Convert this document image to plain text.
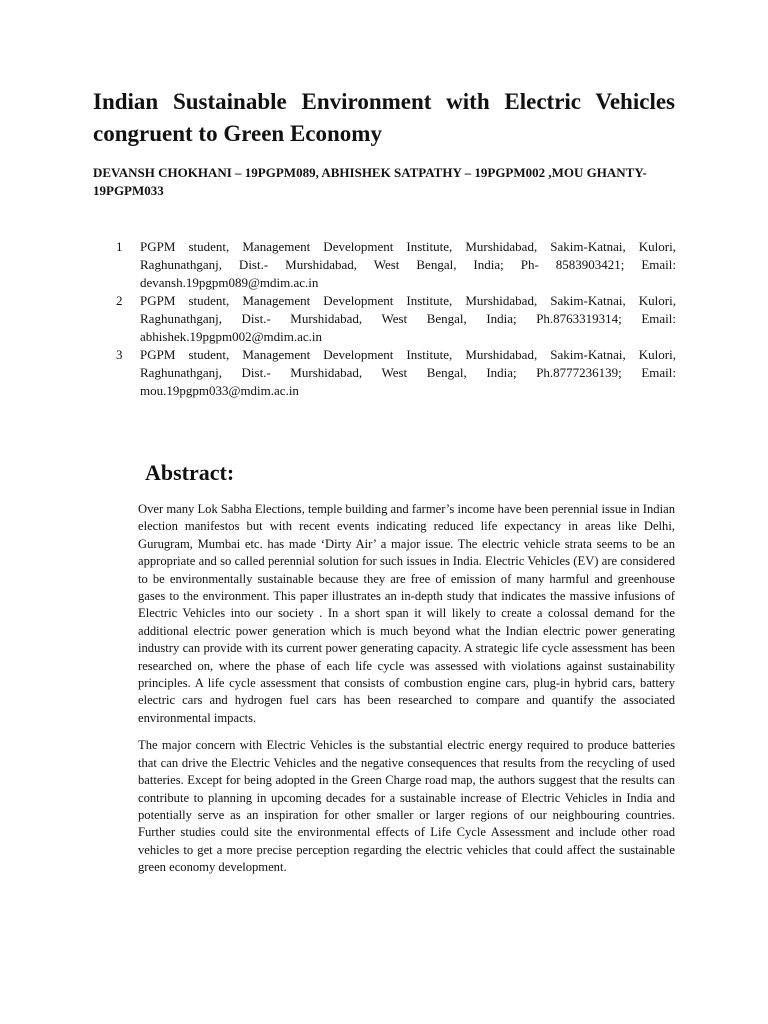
Indian Sustainable Environment with Electric Vehicles congruent to Green Economy

DEVANSH CHOKHANI – 19PGPM089, ABHISHEK SATPATHY – 19PGPM002 ,MOU GHANTY-19PGPM033

1	PGPM student, Management Development Institute, Murshidabad, Sakim-Katnai, Kulori, Raghunathganj, Dist.- Murshidabad, West Bengal, India; Ph- 8583903421; Email: devansh.19pgpm089@mdim.ac.in
2	PGPM student, Management Development Institute, Murshidabad, Sakim-Katnai, Kulori, Raghunathganj, Dist.- Murshidabad, West Bengal, India; Ph.8763319314; Email: abhishek.19pgpm002@mdim.ac.in
3	PGPM student, Management Development Institute, Murshidabad, Sakim-Katnai, Kulori, Raghunathganj, Dist.- Murshidabad, West Bengal, India; Ph.8777236139; Email: mou.19pgpm033@mdim.ac.in
Abstract:

Over many Lok Sabha Elections, temple building and farmer’s income have been perennial issue in Indian election manifestos but with recent events indicating reduced life expectancy in areas like Delhi, Gurugram, Mumbai etc. has made ‘Dirty Air’ a major issue. The electric vehicle strata seems to be an appropriate and so called perennial solution for such issues in India. Electric Vehicles (EV) are considered to be environmentally sustainable because they are free of emission of many harmful and greenhouse gases to the environment. This paper illustrates an in-depth study that indicates the massive infusions of Electric Vehicles into our society . In a short span it will likely to create a colossal demand for the additional electric power generation which is much beyond what the Indian electric power generating industry can provide with its current power generating capacity. A strategic life cycle assessment has been researched on, where the phase of each life cycle was assessed with violations against sustainability principles. A life cycle assessment that consists of combustion engine cars, plug-in hybrid cars, battery electric cars and hydrogen fuel cars has been researched to compare and quantify the associated environmental impacts.

The major concern with Electric Vehicles is the substantial electric energy required to produce batteries that can drive the Electric Vehicles and the negative consequences that results from the recycling of used batteries. Except for being adopted in the Green Charge road map, the authors suggest that the results can contribute to planning in upcoming decades for a sustainable increase of Electric Vehicles in India and potentially serve as an inspiration for other smaller or larger regions of our neighbouring countries. Further studies could site the environmental effects of Life Cycle Assessment and include other road vehicles to get a more precise perception regarding the electric vehicles that could affect the sustainable green economy development.
